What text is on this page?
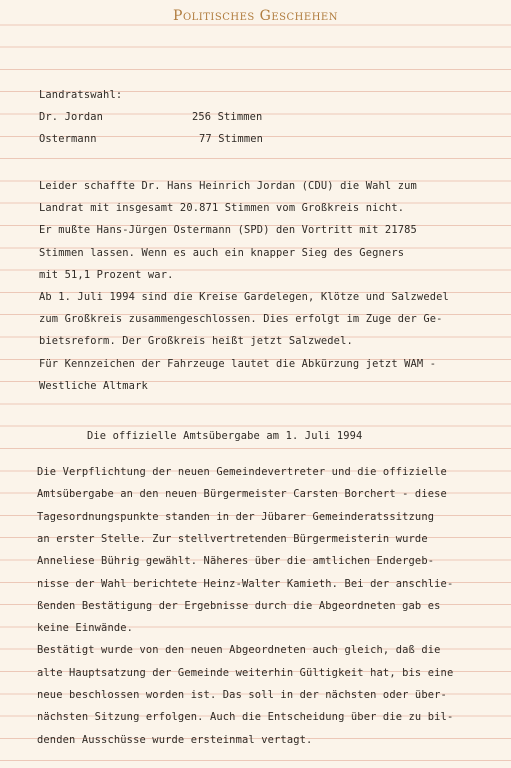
Politisches Geschehen
Landratswahl:
Dr. Jordan	256 Stimmen
Ostermann	77 Stimmen
Leider schaffte Dr. Hans Heinrich Jordan (CDU) die Wahl zum
Landrat mit insgesamt 20.871 Stimmen vom Großkreis nicht.
Er mußte Hans-Jürgen Ostermann (SPD) den Vortritt mit 21785
Stimmen lassen. Wenn es auch ein knapper Sieg des Gegners
mit 51,1 Prozent war.
Ab 1. Juli 1994 sind die Kreise Gardelegen, Klötze und Salzwedel
zum Großkreis zusammengeschlossen. Dies erfolgt im Zuge der Ge-
bietsreform. Der Großkreis heißt jetzt Salzwedel.
Für Kennzeichen der Fahrzeuge lautet die Abkürzung jetzt WAM -
Westliche Altmark
Die offizielle Amtsübergabe am 1. Juli 1994
Die Verpflichtung der neuen Gemeindevertreter und die offizielle
Amtsübergabe an den neuen Bürgermeister Carsten Borchert - diese
Tagesordnungspunkte standen in der Jübarer Gemeinderatssitzung
an erster Stelle. Zur stellvertretenden Bürgermeisterin wurde
Anneliese Bührig gewählt. Näheres über die amtlichen Endergeb-
nisse der Wahl berichtete Heinz-Walter Kamieth. Bei der anschlie-
ßenden Bestätigung der Ergebnisse durch die Abgeordneten gab es
keine Einwände.
Bestätigt wurde von den neuen Abgeordneten auch gleich, daß die
alte Hauptsatzung der Gemeinde weiterhin Gültigkeit hat, bis eine
neue beschlossen worden ist. Das soll in der nächsten oder über-
nächsten Sitzung erfolgen. Auch die Entscheidung über die zu bil-
denden Ausschüsse wurde ersteinmal vertagt.
